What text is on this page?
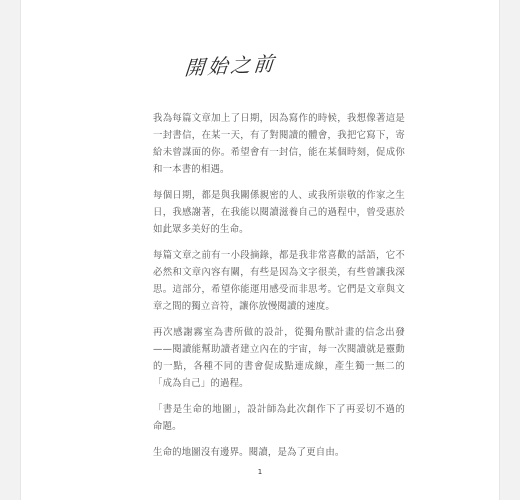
開始之前

我為每篇文章加上了日期，因為寫作的時候，我想像著這是一封書信，在某一天，有了對閱讀的體會，我把它寫下，寄給未曾謀面的你。希望會有一封信，能在某個時刻，促成你和一本書的相遇。

每個日期，都是與我關係親密的人、或我所崇敬的作家之生日，我感謝著，在我能以閱讀滋養自己的過程中，曾受惠於如此眾多美好的生命。

每篇文章之前有一小段摘錄，都是我非常喜歡的話語，它不必然和文章內容有關，有些是因為文字很美，有些曾讓我深思。這部分，希望你能運用感受而非思考。它們是文章與文章之間的獨立音符，讓你放慢閱讀的速度。

再次感謝霧室為書所做的設計，從獨角獸計畫的信念出發——閱讀能幫助讀者建立內在的宇宙，每一次閱讀就是靈動的一點，各種不同的書會促成點連成線，產生獨一無二的「成為自己」的過程。

「書是生命的地圖」，設計師為此次創作下了再妥切不過的命題。

生命的地圖沒有邊界。閱讀，是為了更自由。

1
